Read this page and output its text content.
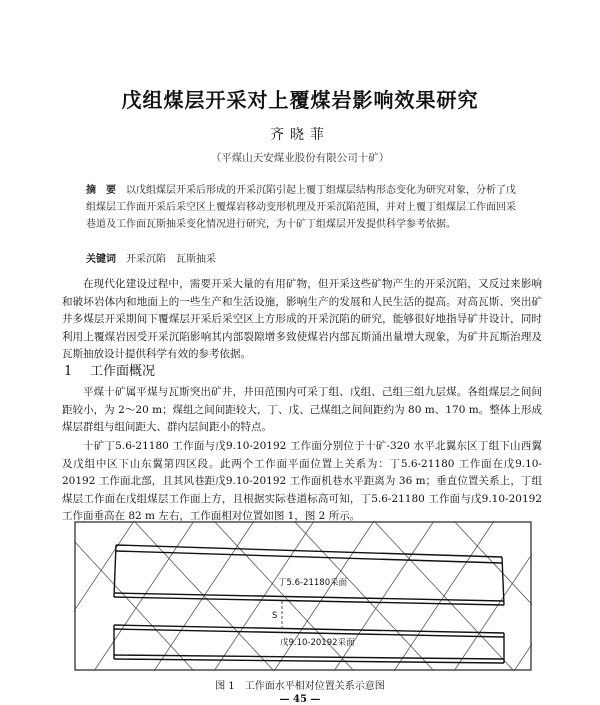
戊组煤层开采对上覆煤岩影响效果研究
齐晓菲
（平煤山天安煤业股份有限公司十矿）
摘　要 以戊组煤层开采后形成的开采沉陷引起上覆丁组煤层结构形态变化为研究对象，分析了戊组煤层工作面开采后采空区上覆煤岩移动变形机理及开采沉陷范围，并对上覆丁组煤层工作面回采巷道及工作面瓦斯抽采变化情况进行研究，为十矿丁组煤层开发提供科学参考依据。
关键词 开采沉陷　瓦斯抽采
在现代化建设过程中，需要开采大量的有用矿物，但开采这些矿物产生的开采沉陷，又反过来影响和破坏岩体内和地面上的一些生产和生活设施，影响生产的发展和人民生活的提高。对高瓦斯、突出矿井多煤层开采期间下覆煤层开采后采空区上方形成的开采沉陷的研究，能够很好地指导矿井设计，同时利用上覆煤岩因受开采沉陷影响其内部裂隙增多致使煤岩内部瓦斯涌出量增大现象，为矿井瓦斯治理及瓦斯抽放设计提供科学有效的参考依据。
1 工作面概况
平煤十矿属平煤与瓦斯突出矿井，井田范围内可采丁组、戊组、己组三组九层煤。各组煤层之间间距较小，为 2～20 m；煤组之间间距较大，丁、戊、己煤组之间间距约为 80 m、170 m。整体上形成煤层群组与组间距大、群内层间距小的特点。
十矿丁5.6-21180 工作面与戊9.10-20192 工作面分别位于十矿-320 水平北翼东区丁组下山西翼及戊组中区下山东翼第四区段。此两个工作面平面位置上关系为：丁5.6-21180 工作面在戊9.10-20192 工作面北部，且其风巷距戊9.10-20192 工作面机巷水平距离为 36 m；垂直位置关系上，丁组煤层工作面在戊组煤层工作面上方，且根据实际巷道标高可知，丁5.6-21180 工作面与戊9.10-20192 工作面垂高在 82 m 左右，工作面相对位置如图 1，图 2 所示。
丁5.6-21180采面
S
戊9.10-20192采面
图 1　工作面水平相对位置关系示意图
— 45 —
